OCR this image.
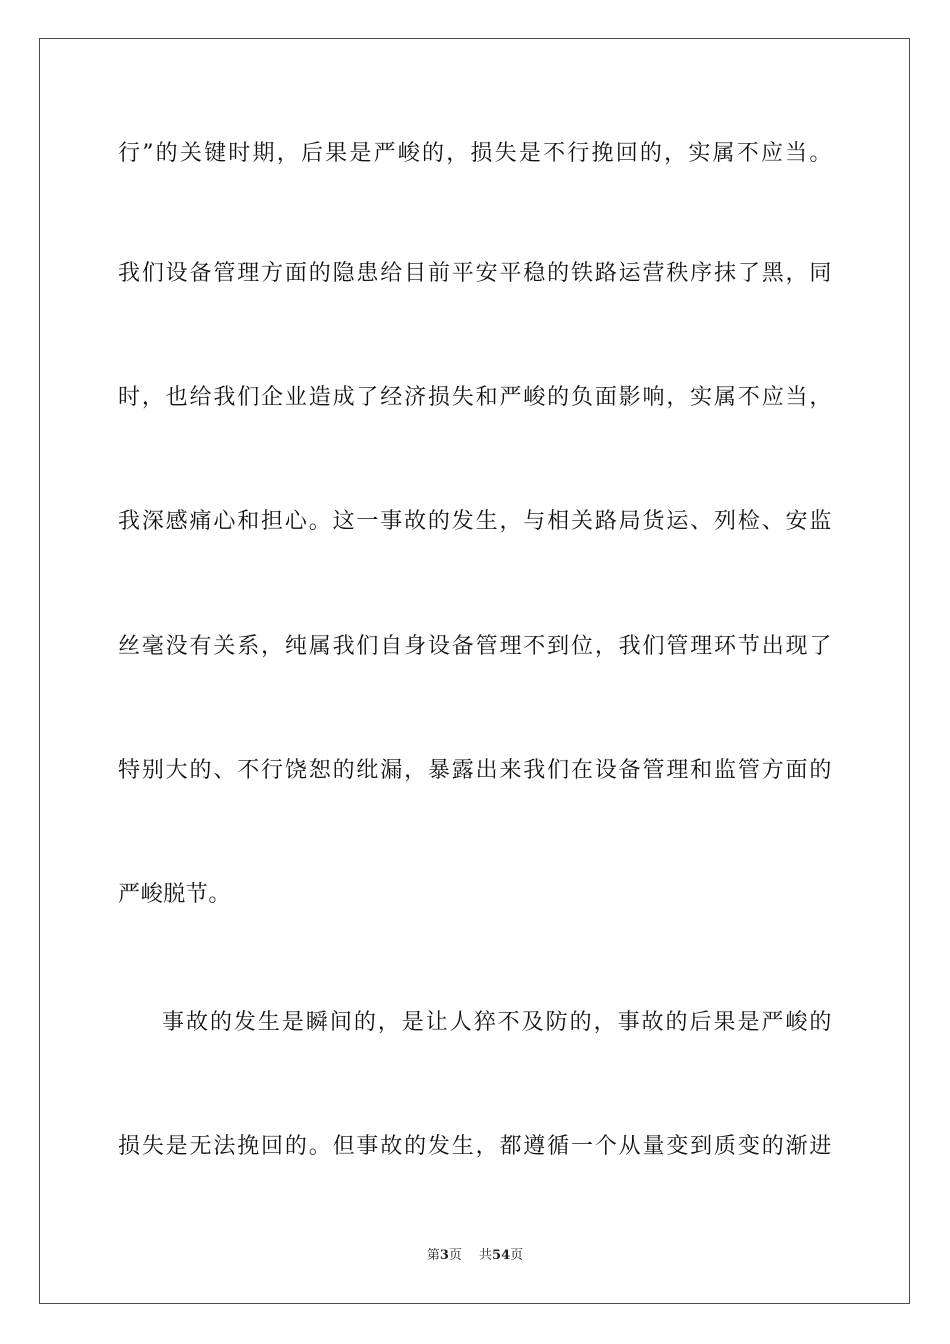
行”的关键时期，后果是严峻的，损失是不行挽回的，实属不应当。
我们设备管理方面的隐患给目前平安平稳的铁路运营秩序抹了黑，同
时，也给我们企业造成了经济损失和严峻的负面影响，实属不应当，
我深感痛心和担心。这一事故的发生，与相关路局货运、列检、安监
丝毫没有关系，纯属我们自身设备管理不到位，我们管理环节出现了
特别大的、不行饶恕的纰漏，暴露出来我们在设备管理和监管方面的
严峻脱节。
事故的发生是瞬间的，是让人猝不及防的，事故的后果是严峻的
损失是无法挽回的。但事故的发生，都遵循一个从量变到质变的渐进
第3页　 共54页
